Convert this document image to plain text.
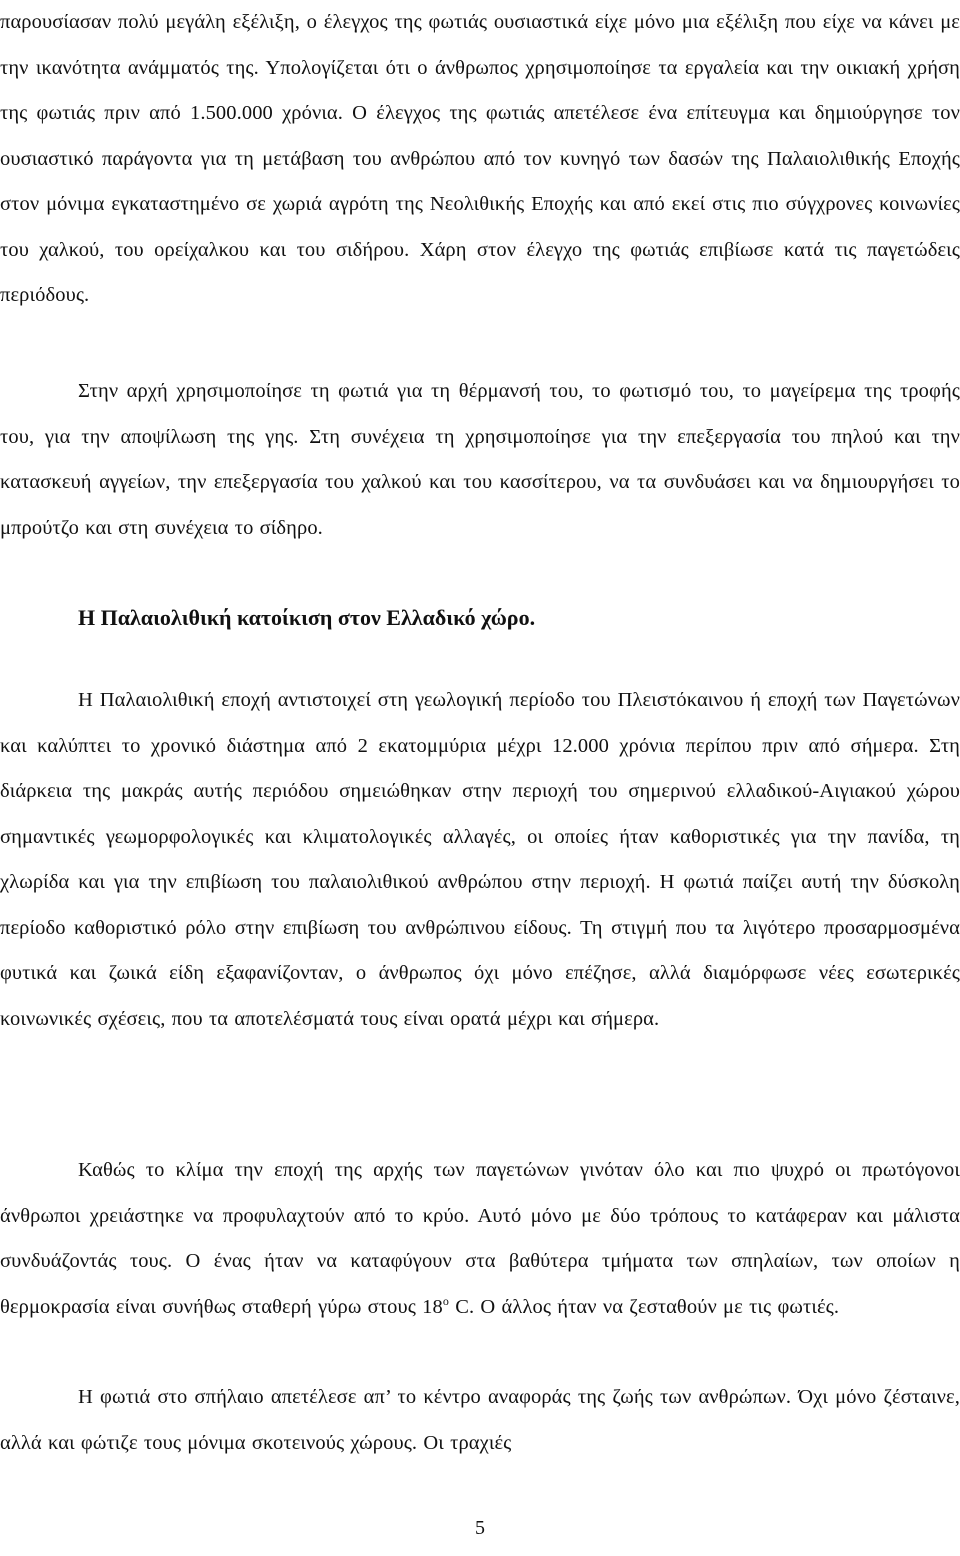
παρουσίασαν πολύ μεγάλη εξέλιξη, ο έλεγχος της φωτιάς ουσιαστικά είχε μόνο μια εξέλιξη που είχε να κάνει με την ικανότητα ανάμματός της. Υπολογίζεται ότι ο άνθρωπος χρησιμοποίησε τα εργαλεία και την οικιακή χρήση της φωτιάς πριν από 1.500.000 χρόνια. Ο έλεγχος της φωτιάς απετέλεσε ένα επίτευγμα και δημιούργησε τον ουσιαστικό παράγοντα για τη μετάβαση του ανθρώπου από τον κυνηγό των δασών της Παλαιολιθικής Εποχής στον μόνιμα εγκαταστημένο σε χωριά αγρότη της Νεολιθικής Εποχής και από εκεί στις πιο σύγχρονες κοινωνίες του χαλκού, του ορείχαλκου και του σιδήρου. Χάρη στον έλεγχο της φωτιάς επιβίωσε κατά τις παγετώδεις περιόδους.

Στην αρχή χρησιμοποίησε τη φωτιά για τη θέρμανσή του, το φωτισμό του, το μαγείρεμα της τροφής του, για την αποψίλωση της γης. Στη συνέχεια τη χρησιμοποίησε για την επεξεργασία του πηλού και την κατασκευή αγγείων, την επεξεργασία του χαλκού και του κασσίτερου, να τα συνδυάσει και να δημιουργήσει το μπρούτζο και στη συνέχεια το σίδηρο.

Η Παλαιολιθική κατοίκιση στον Ελλαδικό χώρο.

Η Παλαιολιθική εποχή αντιστοιχεί στη γεωλογική περίοδο του Πλειστόκαινου ή εποχή των Παγετώνων και καλύπτει το χρονικό διάστημα από 2 εκατομμύρια μέχρι 12.000 χρόνια περίπου πριν από σήμερα. Στη διάρκεια της μακράς αυτής περιόδου σημειώθηκαν στην περιοχή του σημερινού ελλαδικού-Αιγιακού χώρου σημαντικές γεωμορφολογικές και κλιματολογικές αλλαγές, οι οποίες ήταν καθοριστικές για την πανίδα, τη χλωρίδα και για την επιβίωση του παλαιολιθικού ανθρώπου στην περιοχή. Η φωτιά παίζει αυτή την δύσκολη περίοδο καθοριστικό ρόλο στην επιβίωση του ανθρώπινου είδους. Τη στιγμή που τα λιγότερο προσαρμοσμένα φυτικά και ζωικά είδη εξαφανίζονταν, ο άνθρωπος όχι μόνο επέζησε, αλλά διαμόρφωσε νέες εσωτερικές κοινωνικές σχέσεις, που τα αποτελέσματά τους είναι ορατά μέχρι και σήμερα.

Καθώς το κλίμα την εποχή της αρχής των παγετώνων γινόταν όλο και πιο ψυχρό οι πρωτόγονοι άνθρωποι χρειάστηκε να προφυλαχτούν από το κρύο. Αυτό μόνο με δύο τρόπους το κατάφεραν και μάλιστα συνδυάζοντάς τους. Ο ένας ήταν να καταφύγουν στα βαθύτερα τμήματα των σπηλαίων, των οποίων η θερμοκρασία είναι συνήθως σταθερή γύρω στους $18^o$ C. Ο άλλος ήταν να ζεσταθούν με τις φωτιές.

Η φωτιά στο σπήλαιο απετέλεσε απ’ το κέντρο αναφοράς της ζωής των ανθρώπων. Όχι μόνο ζέσταινε, αλλά και φώτιζε τους μόνιμα σκοτεινούς χώρους. Οι τραχιές

5
